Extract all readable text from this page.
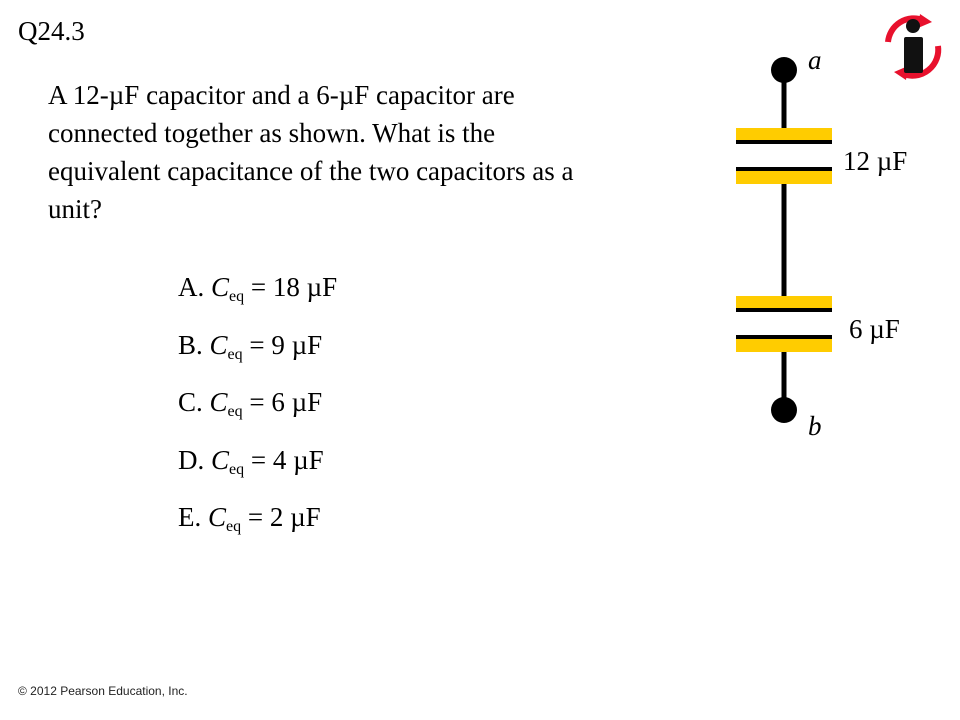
Q24.3
A 12-µF capacitor and a 6-µF capacitor are connected together as shown. What is the equivalent capacitance of the two capacitors as a unit?
A. $C_{eq} = 18$ µF
B. $C_{eq} = 9$ µF
C. $C_{eq} = 6$ µF
D. $C_{eq} = 4$ µF
E. $C_{eq} = 2$ µF
a
b
12 µF
6 µF
© 2012 Pearson Education, Inc.
